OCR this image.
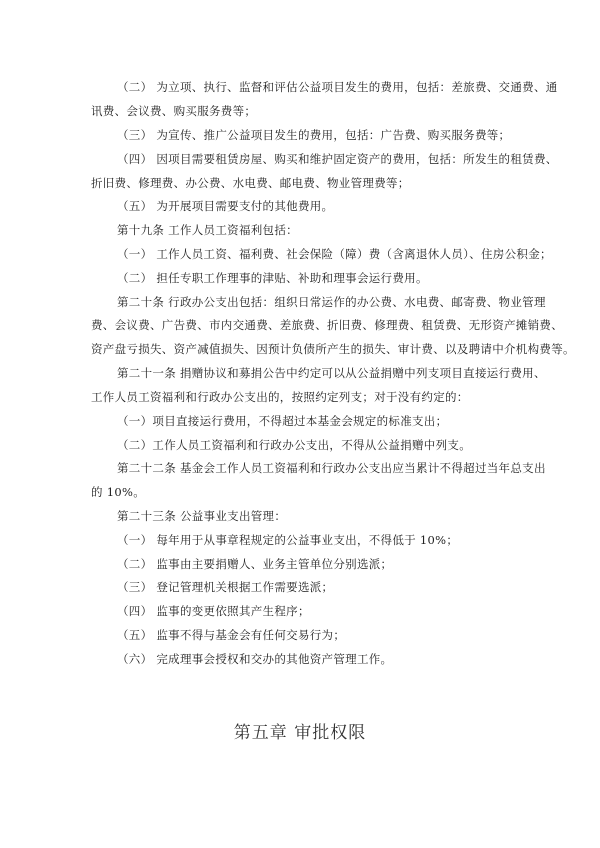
（二） 为立项、执行、监督和评估公益项目发生的费用，包括：差旅费、交通费、通
讯费、会议费、购买服务费等；
（三） 为宣传、推广公益项目发生的费用，包括：广告费、购买服务费等；
（四） 因项目需要租赁房屋、购买和维护固定资产的费用，包括：所发生的租赁费、
折旧费、修理费、办公费、水电费、邮电费、物业管理费等；
（五） 为开展项目需要支付的其他费用。
第十九条 工作人员工资福利包括：
（一） 工作人员工资、福利费、社会保险（障）费（含离退休人员）、住房公积金；
（二） 担任专职工作理事的津贴、补助和理事会运行费用。
第二十条 行政办公支出包括：组织日常运作的办公费、水电费、邮寄费、物业管理
费、会议费、广告费、市内交通费、差旅费、折旧费、修理费、租赁费、无形资产摊销费、
资产盘亏损失、资产减值损失、因预计负债所产生的损失、审计费、以及聘请中介机构费等。
第二十一条 捐赠协议和募捐公告中约定可以从公益捐赠中列支项目直接运行费用、
工作人员工资福利和行政办公支出的，按照约定列支；对于没有约定的：
（一）项目直接运行费用，不得超过本基金会规定的标准支出；
（二）工作人员工资福利和行政办公支出，不得从公益捐赠中列支。
第二十二条 基金会工作人员工资福利和行政办公支出应当累计不得超过当年总支出
的 10%。
第二十三条 公益事业支出管理：
（一） 每年用于从事章程规定的公益事业支出，不得低于 10%；
（二） 监事由主要捐赠人、业务主管单位分别选派；
（三） 登记管理机关根据工作需要选派；
（四） 监事的变更依照其产生程序；
（五） 监事不得与基金会有任何交易行为；
（六） 完成理事会授权和交办的其他资产管理工作。
第五章 审批权限
